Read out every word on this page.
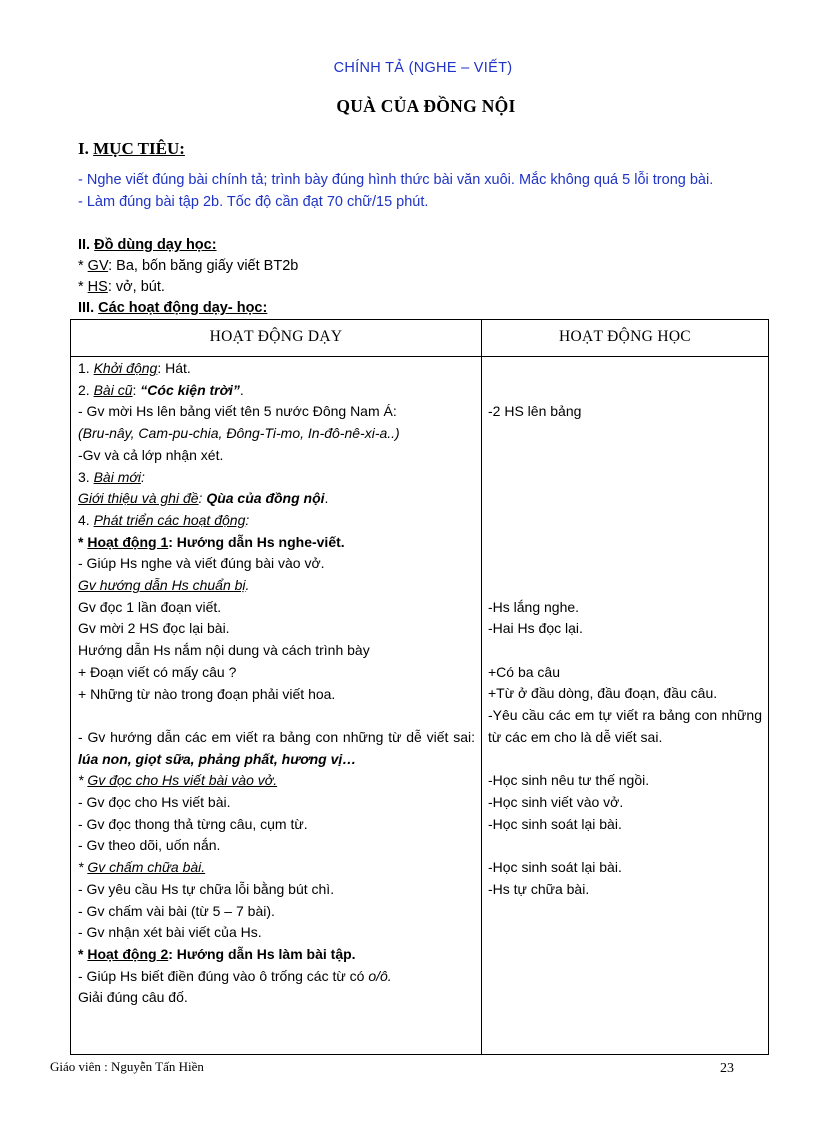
CHÍNH TẢ (NGHE – VIẾT)
QUÀ CỦA ĐỒNG NỘI
I. MỤC TIÊU:

- Nghe viết đúng bài chính tả; trình bày đúng hình thức bài văn xuôi. Mắc không quá 5 lỗi trong bài.

- Làm đúng bài tập 2b. Tốc độ cần đạt 70 chữ/15 phút.

II. Đồ dùng dạy học:
* GV: Ba, bốn băng giấy viết BT2b
* HS: vở, bút.
III. Các hoạt động dạy- học:
HOẠT ĐỘNG DẠY	HOẠT ĐỘNG HỌC
1. Khởi động: Hát.
2. Bài cũ: “Cóc kiện trời”.
- Gv mời Hs lên bảng viết tên 5 nước Đông Nam Á:
(Bru-nây, Cam-pu-chia, Đông-Ti-mo, In-đô-nê-xi-a..)
-Gv và cả lớp nhận xét.
3. Bài mới:
Giới thiệu và ghi đề: Qùa của đồng nội.
4. Phát triển các hoạt động:
* Hoạt động 1: Hướng dẫn Hs nghe-viết.
- Giúp Hs nghe và viết đúng bài vào vở.
Gv hướng dẫn Hs chuẩn bị.
Gv đọc 1 lần đoạn viết.
Gv mời 2 HS đọc lại bài.
Hướng dẫn Hs nắm nội dung và cách trình bày
+ Đoạn viết có mấy câu ?
+ Những từ nào trong đoạn phải viết hoa.
- Gv hướng dẫn các em viết ra bảng con những từ dễ viết sai: lúa non, giọt sữa, phảng phất, hương vị…
* Gv đọc cho Hs viết bài vào vở.
- Gv đọc cho Hs viết bài.
- Gv đọc thong thả từng câu, cụm từ.
- Gv theo dõi, uốn nắn.
* Gv chấm chữa bài.
- Gv yêu cầu Hs tự chữa lỗi bằng bút chì.
- Gv chấm vài bài (từ 5 – 7 bài).
- Gv nhận xét bài viết của Hs.
* Hoạt động 2: Hướng dẫn Hs làm bài tập.
- Giúp Hs biết điền đúng vào ô trống các từ có o/ô.
Giải đúng câu đố.
-2 HS lên bảng
-Hs lắng nghe.
-Hai Hs đọc lại.
+Có ba câu
+Từ ở đầu dòng, đầu đoạn, đầu câu.
-Yêu cầu các em tự viết ra bảng con những từ các em cho là dễ viết sai.
-Học sinh nêu tư thế ngồi.
-Học sinh viết vào vở.
-Học sinh soát lại bài.
-Học sinh soát lại bài.
-Hs tự chữa bài.
Giáo viên : Nguyễn Tấn Hiền	23
